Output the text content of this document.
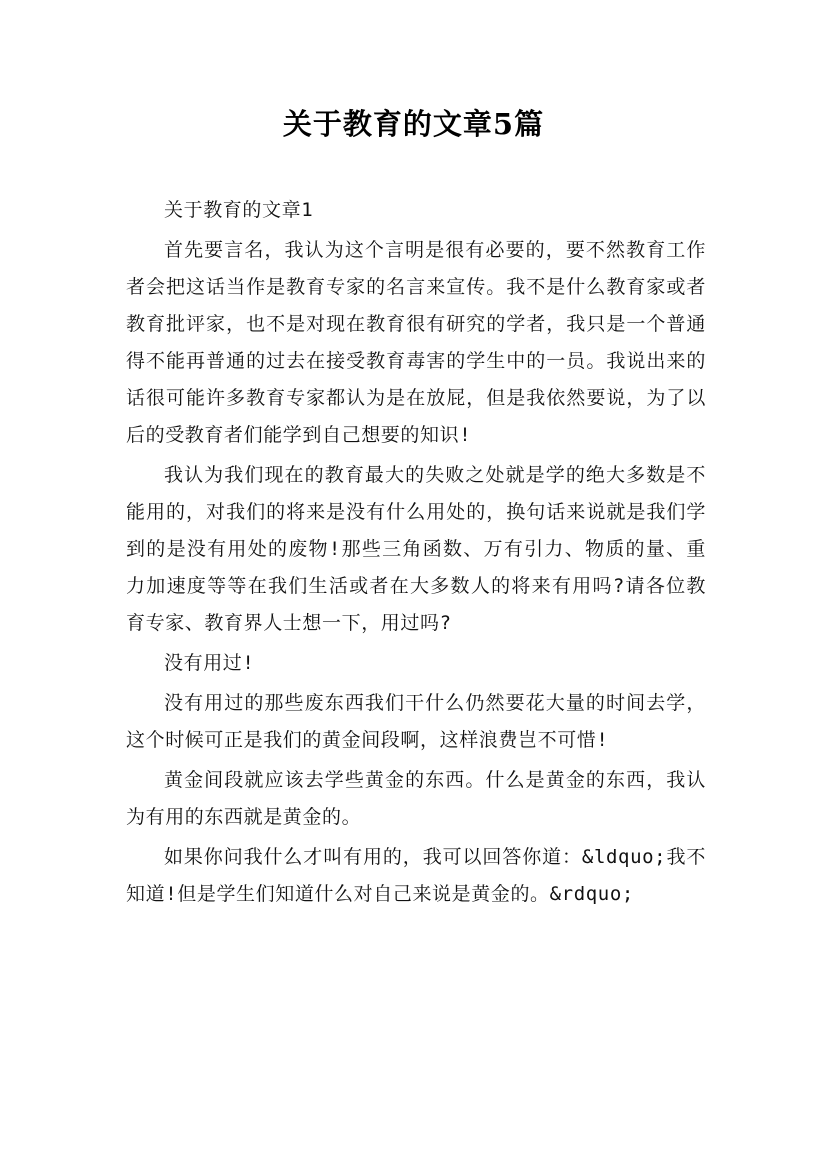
关于教育的文章5篇

关于教育的文章1

首先要言名，我认为这个言明是很有必要的，要不然教育工作者会把这话当作是教育专家的名言来宣传。我不是什么教育家或者教育批评家，也不是对现在教育很有研究的学者，我只是一个普通得不能再普通的过去在接受教育毒害的学生中的一员。我说出来的话很可能许多教育专家都认为是在放屁，但是我依然要说，为了以后的受教育者们能学到自己想要的知识!

我认为我们现在的教育最大的失败之处就是学的绝大多数是不能用的，对我们的将来是没有什么用处的，换句话来说就是我们学到的是没有用处的废物!那些三角函数、万有引力、物质的量、重力加速度等等在我们生活或者在大多数人的将来有用吗?请各位教育专家、教育界人士想一下，用过吗?

没有用过!

没有用过的那些废东西我们干什么仍然要花大量的时间去学，这个时候可正是我们的黄金间段啊，这样浪费岂不可惜!

黄金间段就应该去学些黄金的东西。什么是黄金的东西，我认为有用的东西就是黄金的。

如果你问我什么才叫有用的，我可以回答你道：&ldquo;我不知道!但是学生们知道什么对自己来说是黄金的。&rdquo;
